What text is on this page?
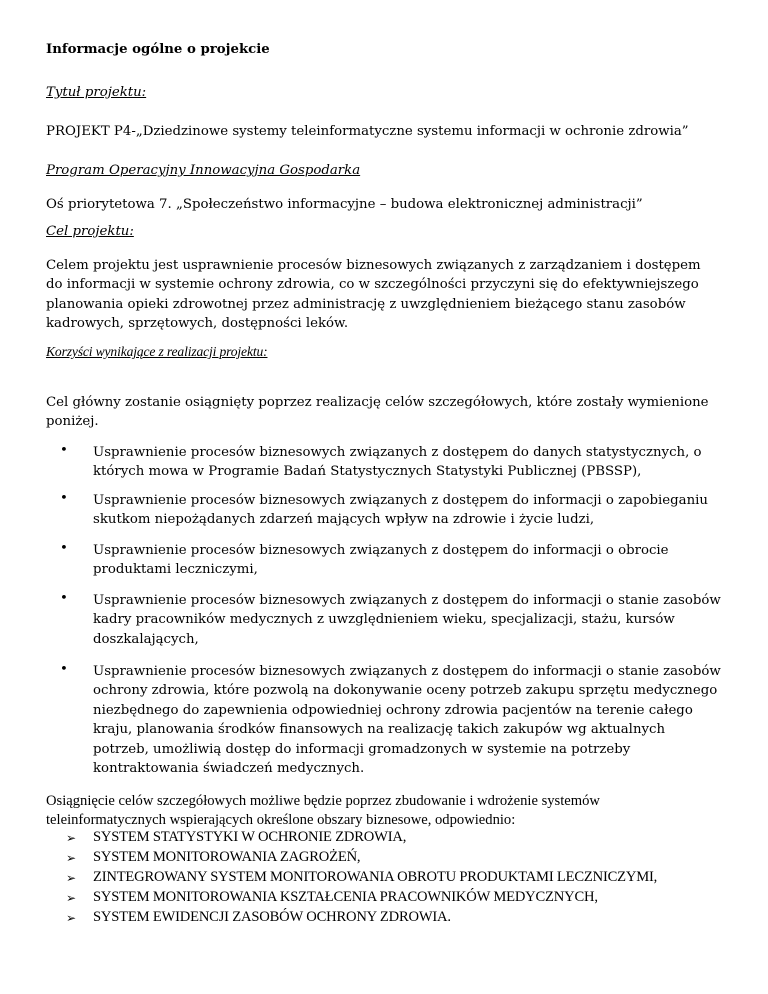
Informacje ogólne o projekcie
Tytuł projektu:
PROJEKT P4-„Dziedzinowe systemy teleinformatyczne systemu informacji w ochronie zdrowia”
Program Operacyjny Innowacyjna Gospodarka
Oś priorytetowa 7. „Społeczeństwo informacyjne – budowa elektronicznej administracji”
Cel projektu:
Celem projektu jest usprawnienie procesów biznesowych związanych z zarządzaniem i dostępem do informacji w systemie ochrony zdrowia, co w szczególności przyczyni się do efektywniejszego planowania opieki zdrowotnej przez administrację z uwzględnieniem bieżącego stanu zasobów kadrowych, sprzętowych, dostępności leków.
Korzyści wynikające z realizacji projektu:
Cel główny zostanie osiągnięty poprzez realizację celów szczegółowych, które zostały wymienione poniżej.
• Usprawnienie procesów biznesowych związanych z dostępem do danych statystycznych, o których mowa w Programie Badań Statystycznych Statystyki Publicznej (PBSSP),
• Usprawnienie procesów biznesowych związanych z dostępem do informacji o zapobieganiu skutkom niepożądanych zdarzeń mających wpływ na zdrowie i życie ludzi,
• Usprawnienie procesów biznesowych związanych z dostępem do informacji o obrocie produktami leczniczymi,
• Usprawnienie procesów biznesowych związanych z dostępem do informacji o stanie zasobów kadry pracowników medycznych z uwzględnieniem wieku, specjalizacji, stażu, kursów doszkalających,
• Usprawnienie procesów biznesowych związanych z dostępem do informacji o stanie zasobów ochrony zdrowia, które pozwolą na dokonywanie oceny potrzeb zakupu sprzętu medycznego niezbędnego do zapewnienia odpowiedniej ochrony zdrowia pacjentów na terenie całego kraju, planowania środków finansowych na realizację takich zakupów wg aktualnych potrzeb, umożliwią dostęp do informacji gromadzonych w systemie na potrzeby kontraktowania świadczeń medycznych.
Osiągnięcie celów szczegółowych możliwe będzie poprzez zbudowanie i wdrożenie systemów teleinformatycznych wspierających określone obszary biznesowe, odpowiednio:
➢ SYSTEM STATYSTYKI W OCHRONIE ZDROWIA,
➢ SYSTEM MONITOROWANIA ZAGROŻEŃ,
➢ ZINTEGROWANY SYSTEM MONITOROWANIA OBROTU PRODUKTAMI LECZNICZYMI,
➢ SYSTEM MONITOROWANIA KSZTAŁCENIA PRACOWNIKÓW MEDYCZNYCH,
➢ SYSTEM EWIDENCJI ZASOBÓW OCHRONY ZDROWIA.
